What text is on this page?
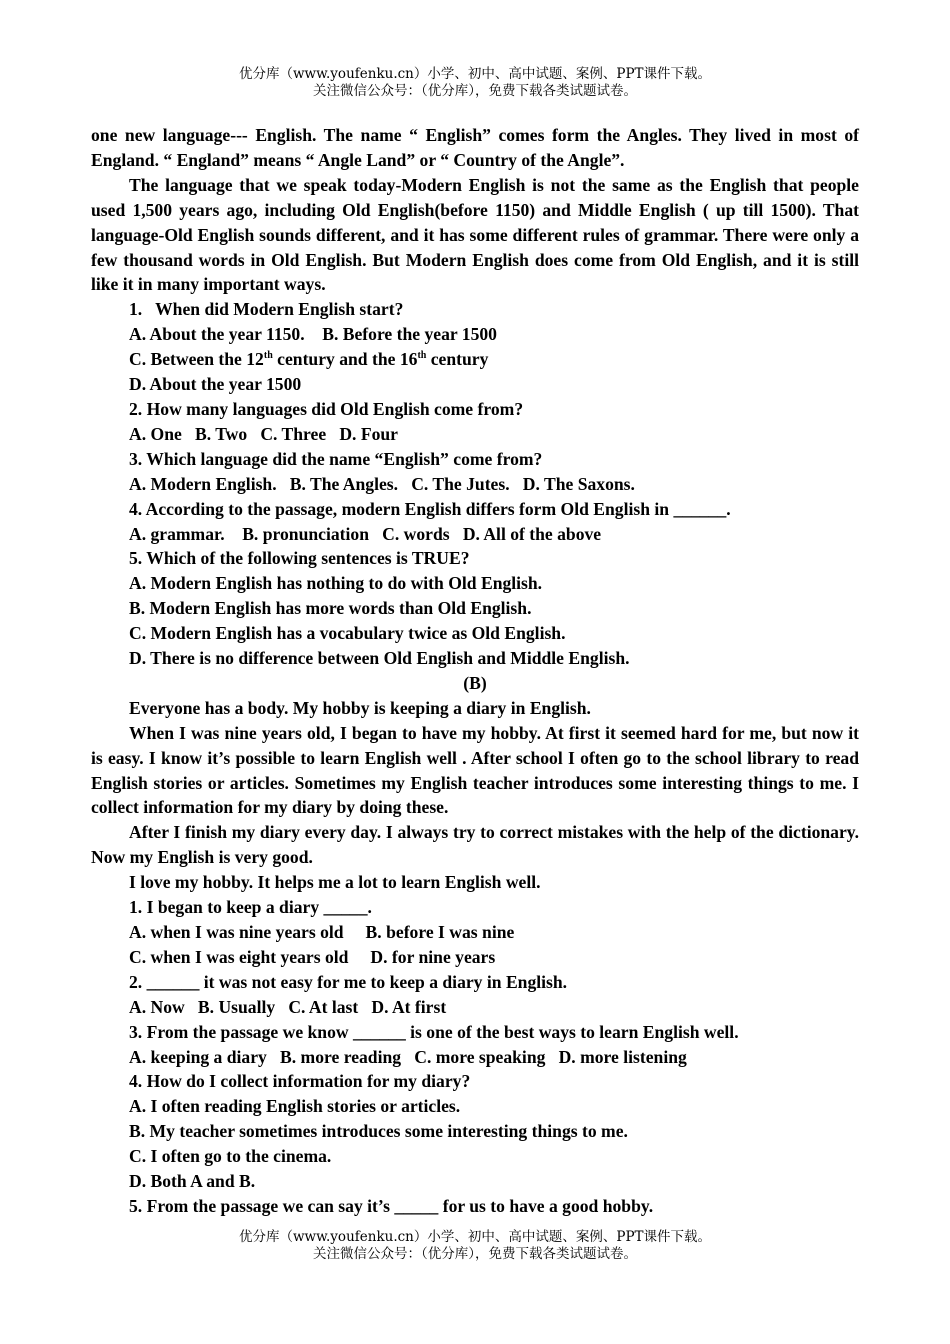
优分库（www.youfenku.cn）小学、初中、高中试题、案例、PPT课件下载。
关注微信公众号：（优分库），免费下载各类试题试卷。

one new language--- English. The name “ English” comes form the Angles. They lived in most of England. “ England” means “ Angle Land” or “ Country of the Angle”.

The language that we speak today-Modern English is not the same as the English that people used 1,500 years ago, including Old English(before 1150) and Middle English ( up till 1500). That language-Old English sounds different, and it has some different rules of grammar. There were only a few thousand words in Old English. But Modern English does come from Old English, and it is still like it in many important ways.

1.   When did Modern English start?

A. About the year 1150.    B. Before the year 1500

C. Between the 12th century and the 16th century

D. About the year 1500

2. How many languages did Old English come from?

A. One   B. Two   C. Three   D. Four

3. Which language did the name “English” come from?

A. Modern English.   B. The Angles.   C. The Jutes.   D. The Saxons.

4. According to the passage, modern English differs form Old English in ______.

A. grammar.    B. pronunciation   C. words   D. All of the above

5. Which of the following sentences is TRUE?

A. Modern English has nothing to do with Old English.

B. Modern English has more words than Old English.

C. Modern English has a vocabulary twice as Old English.

D. There is no difference between Old English and Middle English.

(B)

Everyone has a body. My hobby is keeping a diary in English.

When I was nine years old, I began to have my hobby. At first it seemed hard for me, but now it is easy. I know it’s possible to learn English well . After school I often go to the school library to read English stories or articles. Sometimes my English teacher introduces some interesting things to me. I collect information for my diary by doing these.

After I finish my diary every day. I always try to correct mistakes with the help of the dictionary. Now my English is very good.

I love my hobby. It helps me a lot to learn English well.

1. I began to keep a diary _____.

A. when I was nine years old     B. before I was nine

C. when I was eight years old     D. for nine years

2. ______ it was not easy for me to keep a diary in English.

A. Now   B. Usually   C. At last   D. At first

3. From the passage we know ______ is one of the best ways to learn English well.

A. keeping a diary   B. more reading   C. more speaking   D. more listening

4. How do I collect information for my diary?

A. I often reading English stories or articles.

B. My teacher sometimes introduces some interesting things to me.

C. I often go to the cinema.

D. Both A and B.

5. From the passage we can say it’s _____ for us to have a good hobby.

优分库（www.youfenku.cn）小学、初中、高中试题、案例、PPT课件下载。
关注微信公众号：（优分库），免费下载各类试题试卷。
